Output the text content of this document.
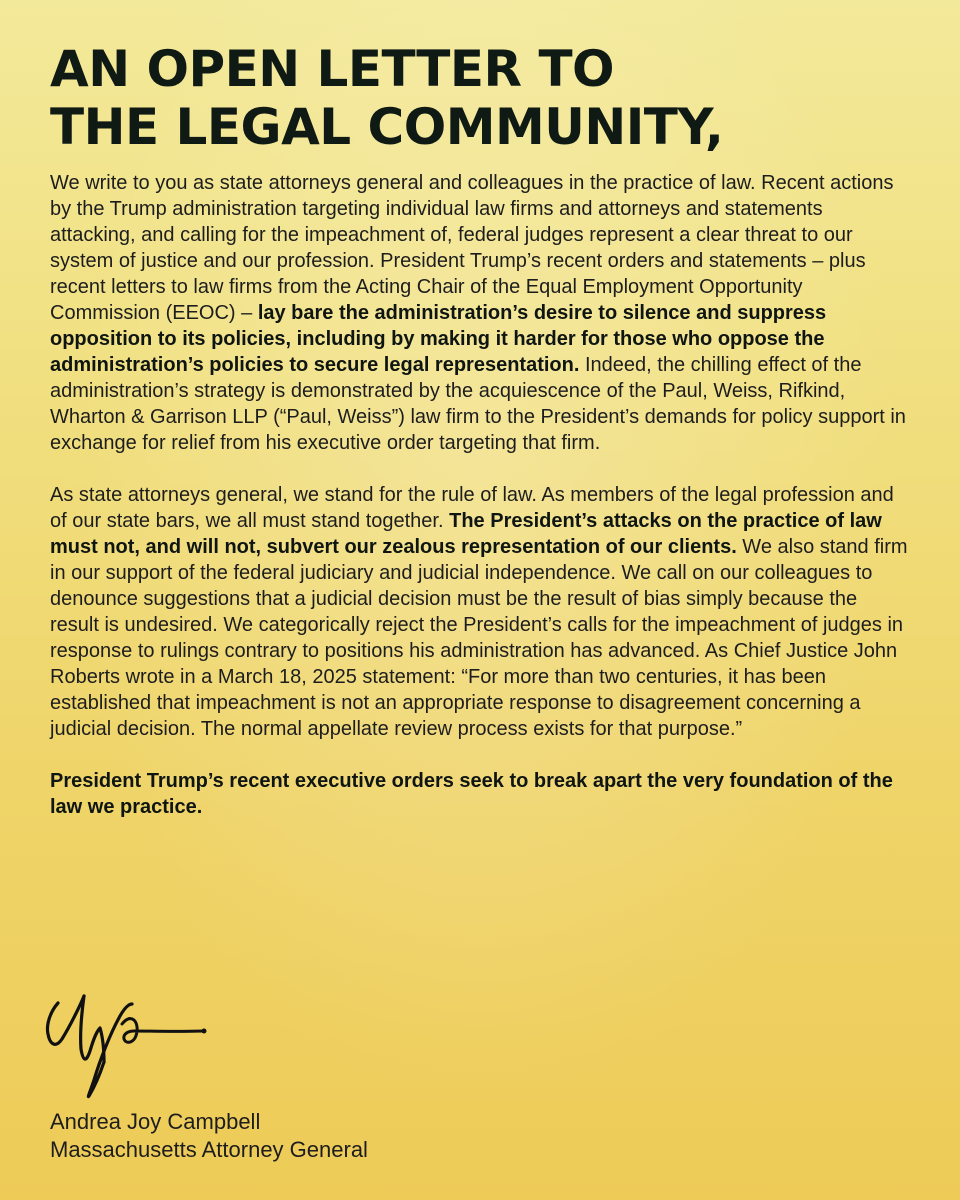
AN OPEN LETTER TO
THE LEGAL COMMUNITY,

We write to you as state attorneys general and colleagues in the practice of law. Recent actions by the Trump administration targeting individual law firms and attorneys and statements attacking, and calling for the impeachment of, federal judges represent a clear threat to our system of justice and our profession. President Trump’s recent orders and statements – plus recent letters to law firms from the Acting Chair of the Equal Employment Opportunity Commission (EEOC) – lay bare the administration’s desire to silence and suppress opposition to its policies, including by making it harder for those who oppose the administration’s policies to secure legal representation. Indeed, the chilling effect of the administration’s strategy is demonstrated by the acquiescence of the Paul, Weiss, Rifkind, Wharton & Garrison LLP (“Paul, Weiss”) law firm to the President’s demands for policy support in exchange for relief from his executive order targeting that firm.

As state attorneys general, we stand for the rule of law. As members of the legal profession and of our state bars, we all must stand together. The President’s attacks on the practice of law must not, and will not, subvert our zealous representation of our clients. We also stand firm in our support of the federal judiciary and judicial independence. We call on our colleagues to denounce suggestions that a judicial decision must be the result of bias simply because the result is undesired. We categorically reject the President’s calls for the impeachment of judges in response to rulings contrary to positions his administration has advanced. As Chief Justice John Roberts wrote in a March 18, 2025 statement: “For more than two centuries, it has been established that impeachment is not an appropriate response to disagreement concerning a judicial decision. The normal appellate review process exists for that purpose.”

President Trump’s recent executive orders seek to break apart the very foundation of the law we practice.

Andrea Joy Campbell
Massachusetts Attorney General
